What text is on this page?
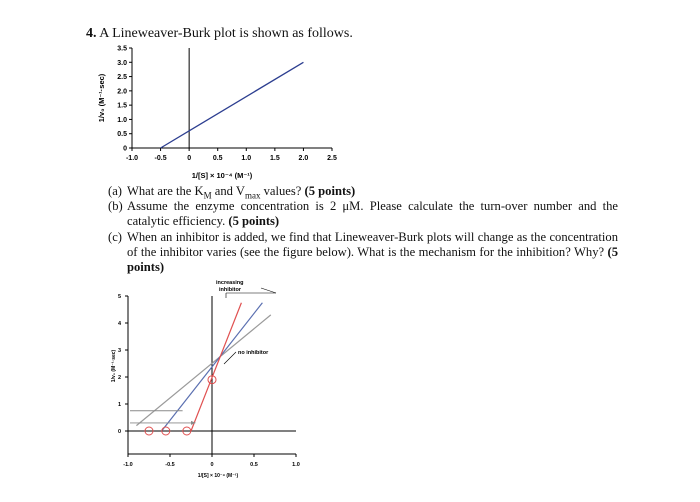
4. A Lineweaver-Burk plot is shown as follows.
-1.0 -0.5	0	0.5	1.0	1.5	2.0	2.5
0
0.5
1.0
1.5
2.0
2.5
3.0
3.5
1/[S] × 10⁻⁴ (M⁻¹)
1/v₀ (M⁻¹·sec)
(a) What are the $K_M$ and $V_{max}$ values? (5 points)
(b) Assume the enzyme concentration is 2 μM. Please calculate the turn-over number and the catalytic efficiency. (5 points)
(c) When an inhibitor is added, we find that Lineweaver-Burk plots will change as the concentration of the inhibitor varies (see the figure below). What is the mechanism for the inhibition? Why? (5 points)
0
1
2
3
4
5
-1.0	-0.5	0	0.5	1.0
1/[S] × 10⁻⁴ (M⁻¹)
1/v₀ (M⁻¹·sec)
increasing
inhibitor
no inhibitor
